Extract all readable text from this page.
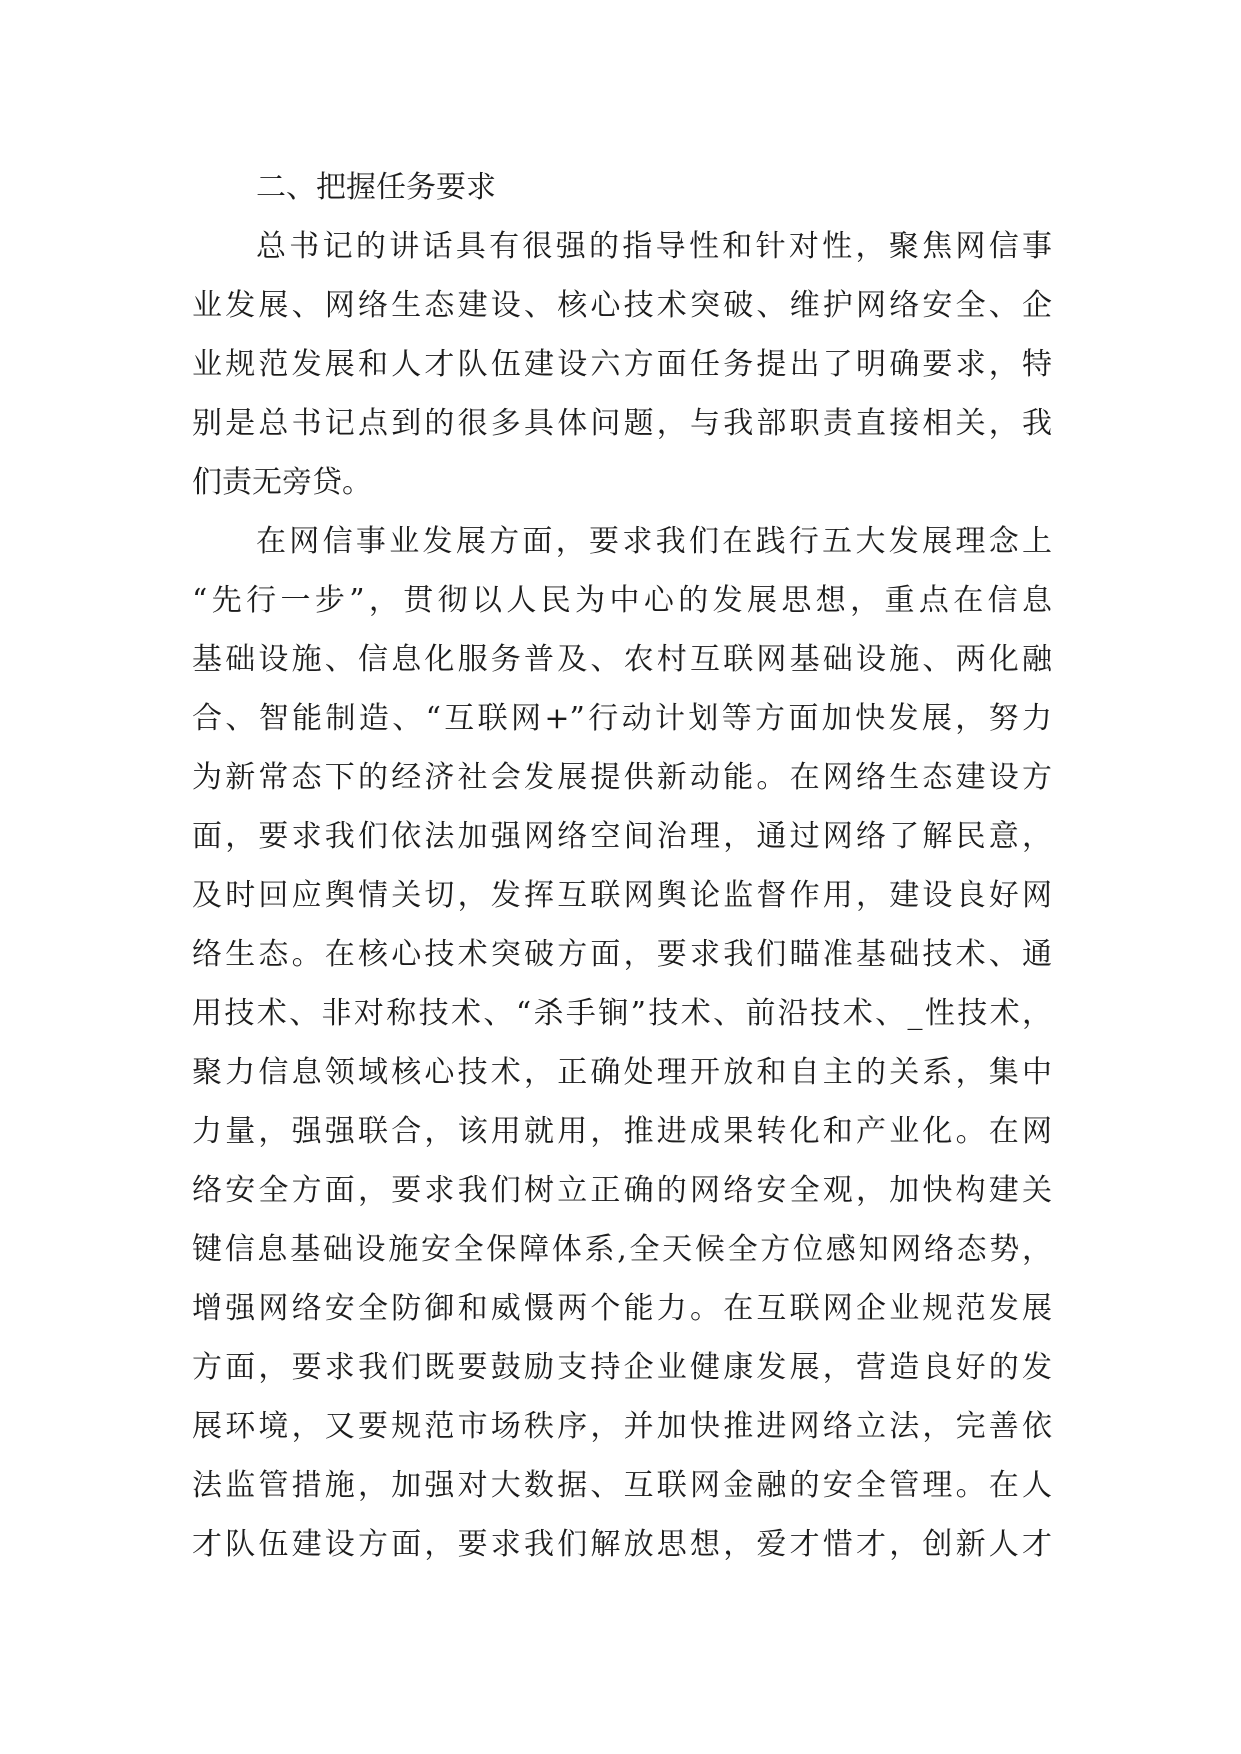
二、把握任务要求
总书记的讲话具有很强的指导性和针对性，聚焦网信事
业发展、网络生态建设、核心技术突破、维护网络安全、企
业规范发展和人才队伍建设六方面任务提出了明确要求，特
别是总书记点到的很多具体问题，与我部职责直接相关，我
们责无旁贷。
在网信事业发展方面，要求我们在践行五大发展理念上
“先行一步”，贯彻以人民为中心的发展思想，重点在信息
基础设施、信息化服务普及、农村互联网基础设施、两化融
合、智能制造、“互联网+”行动计划等方面加快发展，努力
为新常态下的经济社会发展提供新动能。在网络生态建设方
面，要求我们依法加强网络空间治理，通过网络了解民意，
及时回应舆情关切，发挥互联网舆论监督作用，建设良好网
络生态。在核心技术突破方面，要求我们瞄准基础技术、通
用技术、非对称技术、“杀手锏”技术、前沿技术、_性技术，
聚力信息领域核心技术，正确处理开放和自主的关系，集中
力量，强强联合，该用就用，推进成果转化和产业化。在网
络安全方面，要求我们树立正确的网络安全观，加快构建关
键信息基础设施安全保障体系,全天候全方位感知网络态势，
增强网络安全防御和威慑两个能力。在互联网企业规范发展
方面，要求我们既要鼓励支持企业健康发展，营造良好的发
展环境，又要规范市场秩序，并加快推进网络立法，完善依
法监管措施，加强对大数据、互联网金融的安全管理。在人
才队伍建设方面，要求我们解放思想，爱才惜才，创新人才
